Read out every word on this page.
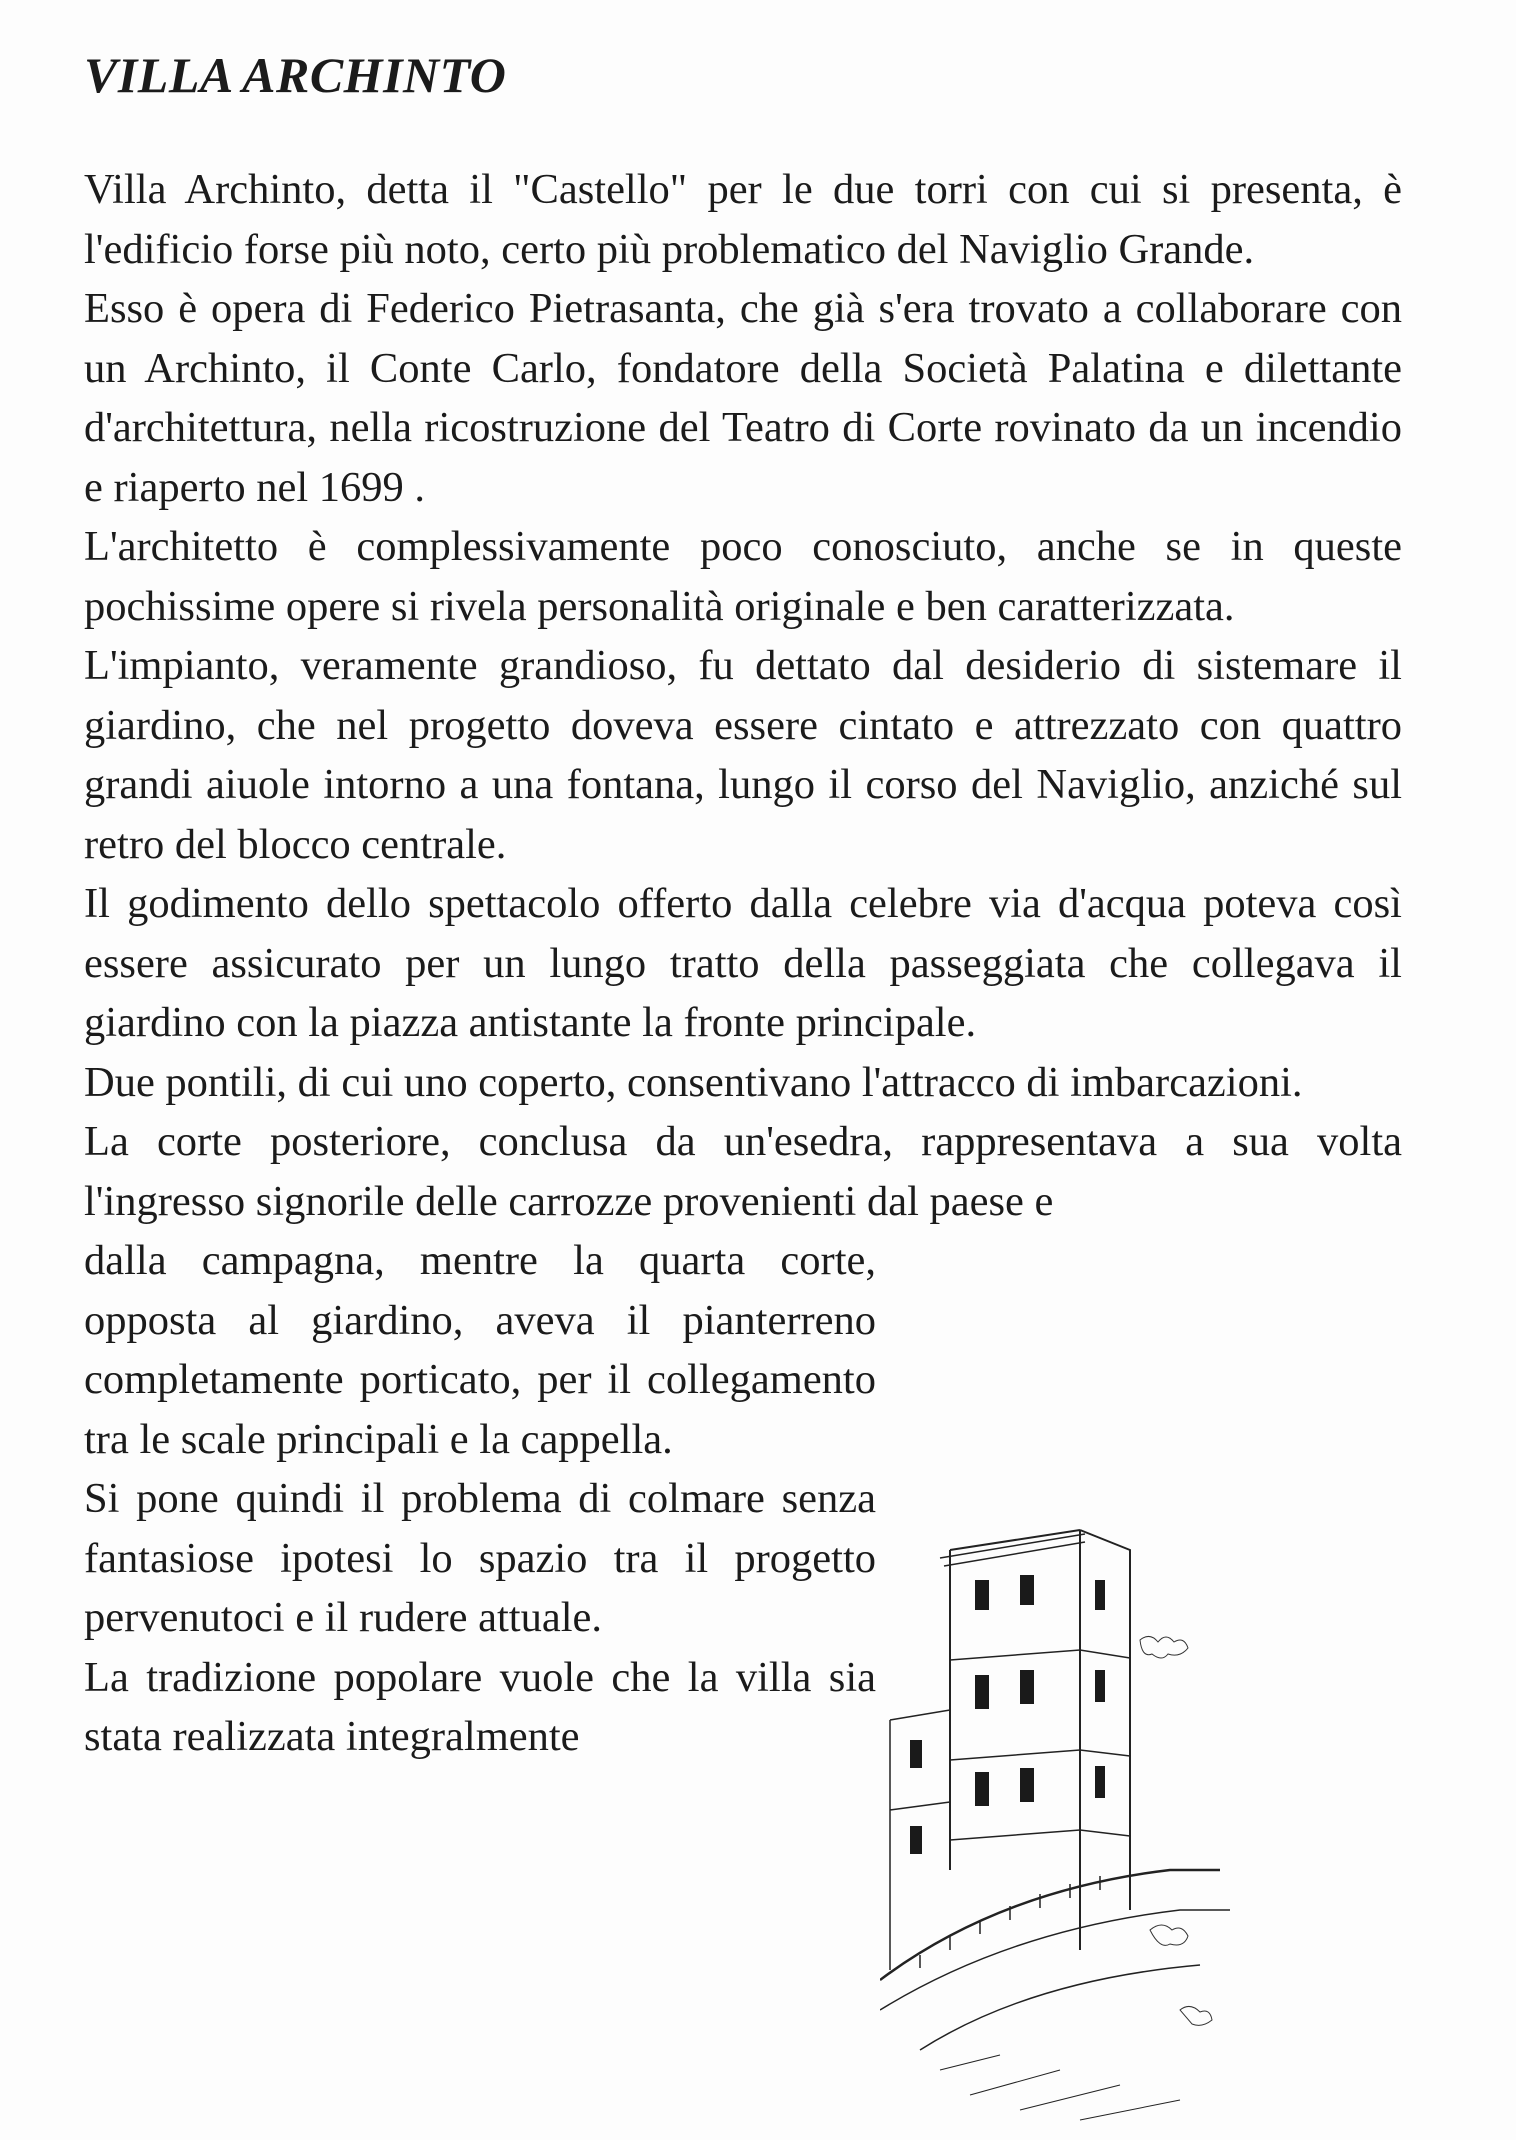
VILLA ARCHINTO

Villa Archinto, detta il "Castello" per le due torri con cui si presenta, è l'edificio forse più noto, certo più problematico del Naviglio Grande.

Esso è opera di Federico Pietrasanta, che già s'era trovato a collaborare con un Archinto, il Conte Carlo, fondatore della Società Palatina e dilettante d'architettura, nella ricostruzione del Teatro di Corte rovinato da un incendio e riaperto nel 1699 .

L'architetto è complessivamente poco conosciuto, anche se in queste pochissime opere si rivela personalità originale e ben caratterizzata.

L'impianto, veramente grandioso, fu dettato dal desiderio di sistemare il giardino, che nel progetto doveva essere cintato e attrezzato con quattro grandi aiuole intorno a una fontana, lungo il corso del Naviglio, anziché sul retro del blocco centrale.

Il godimento dello spettacolo offerto dalla celebre via d'acqua poteva così essere assicurato per un lungo tratto della passeggiata che collegava il giardino con la piazza antistante la fronte principale.

Due pontili, di cui uno coperto, consentivano l'attracco di imbarcazioni.

La corte posteriore, conclusa da un'esedra, rappresentava a sua volta l'ingresso signorile delle carrozze provenienti dal paese e

dalla campagna, mentre la quarta corte, opposta al giardino, aveva il pianterreno completamente porticato, per il collegamento tra le scale principali e la cappella.

Si pone quindi il problema di colmare senza fantasiose ipotesi lo spazio tra il progetto pervenutoci e il rudere attuale.

La tradizione popolare vuole che la villa sia stata realizzata integralmente
